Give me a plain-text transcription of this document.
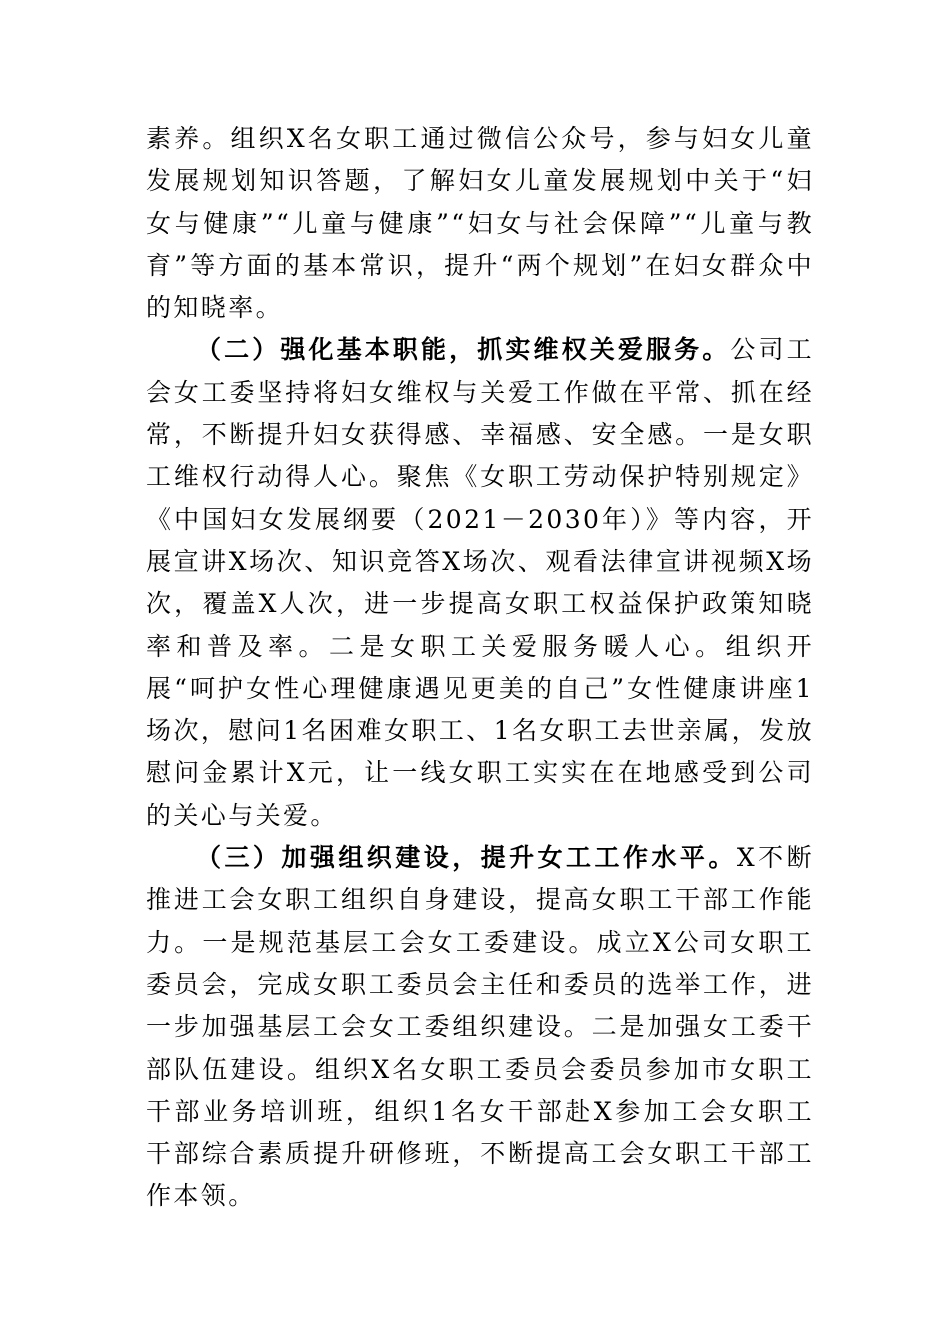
素养。组织X名女职工通过微信公众号，参与妇女儿童发展规划知识答题，了解妇女儿童发展规划中关于“妇女与健康”“儿童与健康”“妇女与社会保障”“儿童与教育”等方面的基本常识，提升“两个规划”在妇女群众中的知晓率。

（二）强化基本职能，抓实维权关爱服务。公司工会女工委坚持将妇女维权与关爱工作做在平常、抓在经常，不断提升妇女获得感、幸福感、安全感。一是女职工维权行动得人心。聚焦《女职工劳动保护特别规定》《中国妇女发展纲要（2021－2030年）》等内容，开展宣讲X场次、知识竞答X场次、观看法律宣讲视频X场次，覆盖X人次，进一步提高女职工权益保护政策知晓率和普及率。二是女职工关爱服务暖人心。组织开展“呵护女性心理健康遇见更美的自己”女性健康讲座1场次，慰问1名困难女职工、1名女职工去世亲属，发放慰问金累计X元，让一线女职工实实在在地感受到公司的关心与关爱。

（三）加强组织建设，提升女工工作水平。X不断推进工会女职工组织自身建设，提高女职工干部工作能力。一是规范基层工会女工委建设。成立X公司女职工委员会，完成女职工委员会主任和委员的选举工作，进一步加强基层工会女工委组织建设。二是加强女工委干部队伍建设。组织X名女职工委员会委员参加市女职工干部业务培训班，组织1名女干部赴X参加工会女职工干部综合素质提升研修班，不断提高工会女职工干部工作本领。
